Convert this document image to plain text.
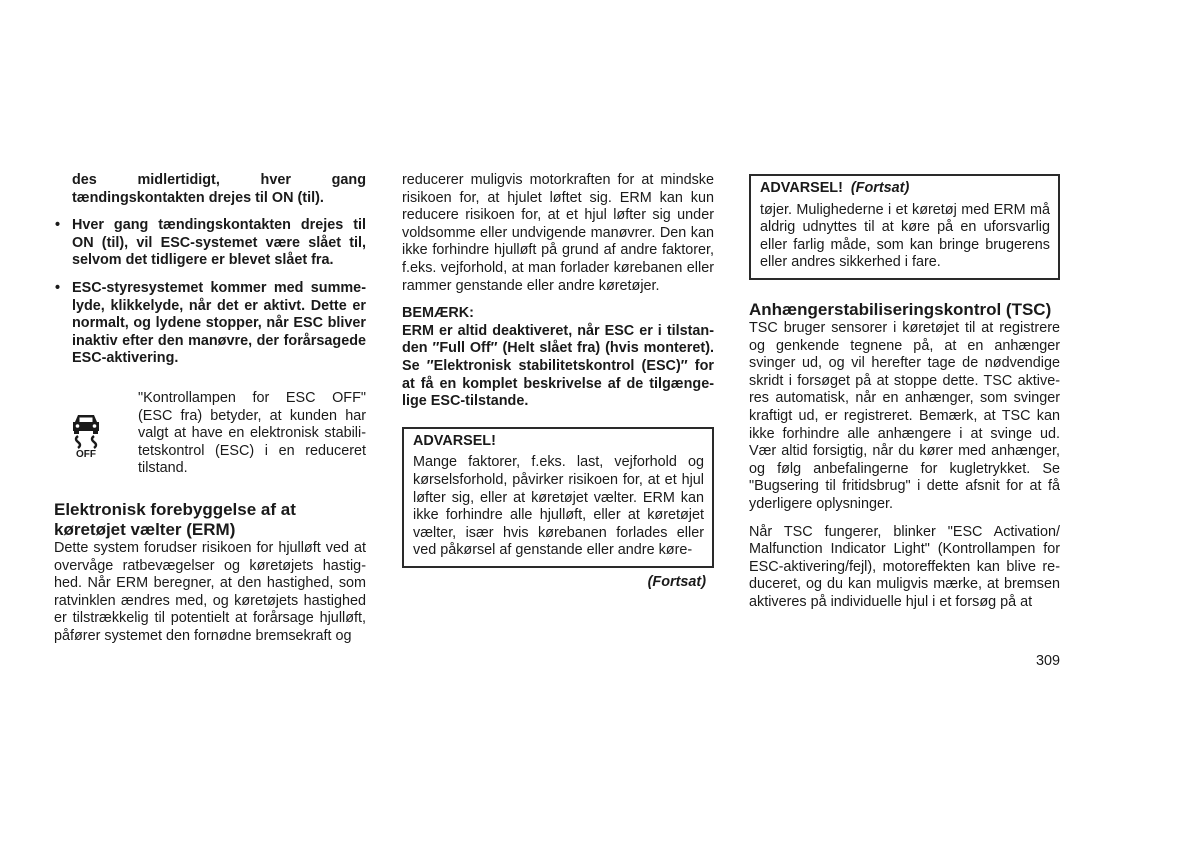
des midlertidigt, hver gang tændingskontakten drejes til ON (til).

• Hver gang tændingskontakten drejes til ON (til), vil ESC-systemet være slået til, selvom det tidligere er blevet slået fra.
• ESC-styresystemet kommer med summelyde, klikkelyde, når det er aktivt. Dette er normalt, og lydene stopper, når ESC bliver inaktiv efter den manøvre, der forårsagede ESC-aktivering.
OFF

"Kontrollampen for ESC OFF" (ESC fra) betyder, at kunden har valgt at have en elektronisk stabilitetskontrol (ESC) i en reduceret tilstand.

Elektronisk forebyggelse af at køretøjet vælter (ERM)

Dette system forudser risikoen for hjulløft ved at overvåge ratbevægelser og køretøjets hastighed. Når ERM beregner, at den hastighed, som ratvinklen ændres med, og køretøjets hastighed er tilstrækkelig til potentielt at forårsage hjulløft, påfører systemet den fornødne bremsekraft og

reducerer muligvis motorkraften for at mindske risikoen for, at hjulet løftet sig. ERM kan kun reducere risikoen for, at et hjul løfter sig under voldsomme eller undvigende manøvrer. Den kan ikke forhindre hjulløft på grund af andre faktorer, f.eks. vejforhold, at man forlader kørebanen eller rammer genstande eller andre køretøjer.

BEMÆRK:

ERM er altid deaktiveret, når ESC er i tilstanden ″Full Off″ (Helt slået fra) (hvis monteret). Se ″Elektronisk stabilitetskontrol (ESC)″ for at få en komplet beskrivelse af de tilgængelige ESC-tilstande.

ADVARSEL!

Mange faktorer, f.eks. last, vejforhold og kørselsforhold, påvirker risikoen for, at et hjul løfter sig, eller at køretøjet vælter. ERM kan ikke forhindre alle hjulløft, eller at køretøjet vælter, især hvis kørebanen forlades eller ved påkørsel af genstande eller andre køre-

(Fortsat)

ADVARSEL! (Fortsat)

tøjer. Mulighederne i et køretøj med ERM må aldrig udnyttes til at køre på en uforsvarlig eller farlig måde, som kan bringe brugerens eller andres sikkerhed i fare.

Anhængerstabiliseringskontrol (TSC)

TSC bruger sensorer i køretøjet til at registrere og genkende tegnene på, at en anhænger svinger ud, og vil herefter tage de nødvendige skridt i forsøget på at stoppe dette. TSC aktiveres automatisk, når en anhænger, som svinger kraftigt ud, er registreret. Bemærk, at TSC kan ikke forhindre alle anhængere i at svinge ud. Vær altid forsigtig, når du kører med anhænger, og følg anbefalingerne for kugletrykket. Se "Bugsering til fritidsbrug" i dette afsnit for at få yderligere oplysninger.

Når TSC fungerer, blinker "ESC Activation/ Malfunction Indicator Light" (Kontrollampen for ESC-aktivering/fejl), motoreffekten kan blive reduceret, og du kan muligvis mærke, at bremsen aktiveres på individuelle hjul i et forsøg på at

309
